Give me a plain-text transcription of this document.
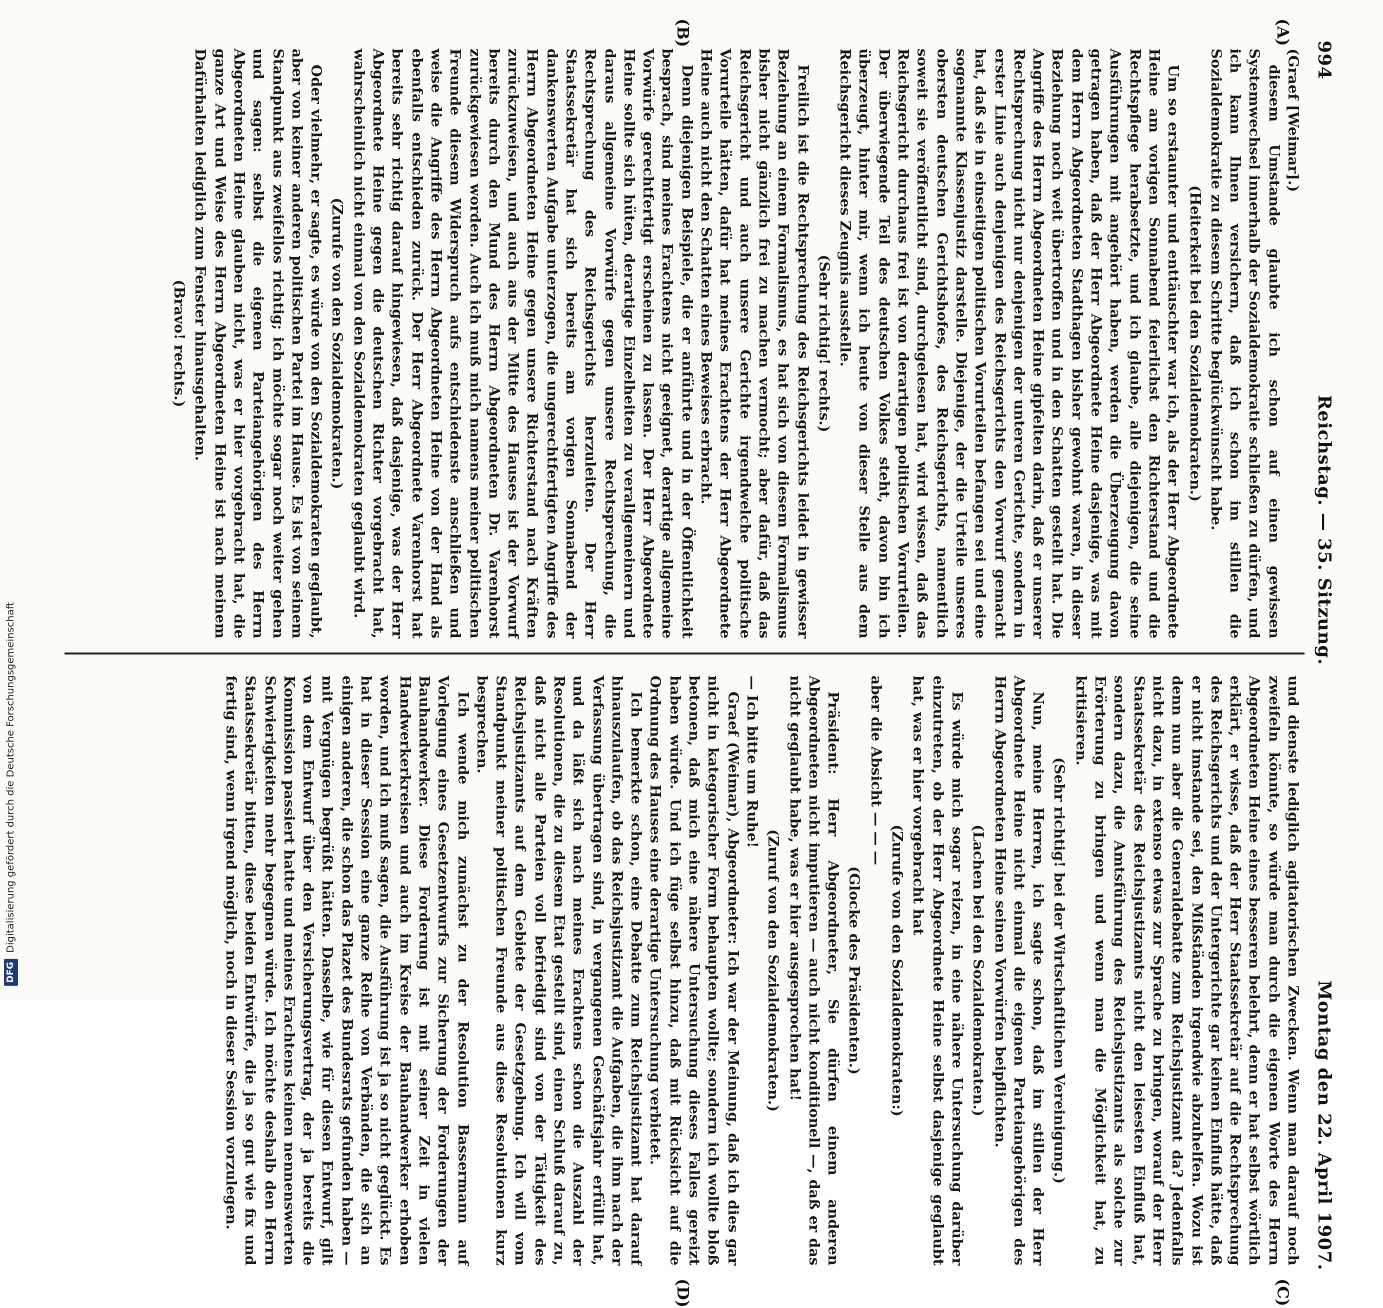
994
Reichstag. — 35. Sitzung.
Montag den 22. April 1907.
(A)
(B)
(C)
(D)

(Graef [Weimar].)

diesem Umstande glaubte ich schon auf einen gewissen Systemwechsel innerhalb der Sozialdemokratie schließen zu dürfen, und ich kann Ihnen versichern, daß ich schon im stillen die Sozialdemokratie zu diesem Schritte beglückwünscht habe.

(Heiterkeit bei den Sozialdemokraten.)

Um so erstaunter und enttäuschter war ich, als der Herr Abgeordnete Heine am vorigen Sonnabend feierlichst den Richterstand und die Rechtspflege herabsetzte, und ich glaube, alle diejenigen, die seine Ausführungen mit angehört haben, werden die Überzeugung davon getragen haben, daß der Herr Abgeordnete Heine dasjenige, was mit dem Herrn Abgeordneten Stadthagen bisher gewohnt waren, in dieser Beziehung noch weit übertroffen und in den Schatten gestellt hat. Die Angriffe des Herrn Abgeordneten Heine gipfelten darin, daß er unserer Rechtsprechung nicht nur denjenigen der unteren Gerichte, sondern in erster Linie auch denjenigen des Reichsgerichts den Vorwurf gemacht hat, daß sie in einseitigen politischen Vorurteilen befangen sei und eine sogenannte Klassenjustiz darstelle. Diejenige, der die Urteile unseres obersten deutschen Gerichtshofes, des Reichsgerichts, namentlich soweit sie veröffentlicht sind, durchgelesen hat, wird wissen, daß das Reichsgericht durchaus frei ist von derartigen politischen Vorurteilen. Der überwiegende Teil des deutschen Volkes steht, davon bin ich überzeugt, hinter mir, wenn ich heute von dieser Stelle aus dem Reichsgericht dieses Zeugnis ausstelle.

(Sehr richtig! rechts.)

Freilich ist die Rechtsprechung des Reichsgerichts leidet in gewisser Beziehung an einem Formalismus, es hat sich von diesem Formalismus bisher nicht gänzlich frei zu machen vermocht; aber dafür, daß das Reichsgericht und auch unsere Gerichte irgendwelche politische Vorurteile hätten, dafür hat meines Erachtens der Herr Abgeordnete Heine auch nicht den Schatten eines Beweises erbracht.

Denn diejenigen Beispiele, die er anführte und in der Öffentlichkeit besprach, sind meines Erachtens nicht geeignet, derartige allgemeine Vorwürfe gerechtfertigt erscheinen zu lassen. Der Herr Abgeordnete Heine sollte sich hüten, derartige Einzelheiten zu verallgemeinern und daraus allgemeine Vorwürfe gegen unsere Rechtsprechung, die Rechtsprechung des Reichsgerichts herzuleiten. Der Herr Staatssekretär hat sich bereits am vorigen Sonnabend der dankenswerten Aufgabe unterzogen, die ungerechtfertigten Angriffe des Herrn Abgeordneten Heine gegen unsere Richterstand nach Kräften zurückzuweisen, und auch aus der Mitte des Hauses ist der Vorwurf bereits durch den Mund des Herrn Abgeordneten Dr. Varenhorst zurückgewiesen worden. Auch ich muß mich namens meiner politischen Freunde diesem Widerspruch aufs entschiedenste anschließen und weise die Angriffe des Herrn Abgeordneten Heine von der Hand als ebenfalls entschieden zurück. Der Herr Abgeordnete Varenhorst hat bereits sehr richtig darauf hingewiesen, daß dasjenige, was der Herr Abgeordnete Heine gegen die deutschen Richter vorgebracht hat, wahrscheinlich nicht einmal von den Sozialdemokraten geglaubt wird.

(Zurufe von den Sozialdemokraten.)

Oder vielmehr, er sagte, es würde von den Sozialdemokraten geglaubt, aber von keiner anderen politischen Partei im Hause. Es ist von seinem Standpunkt aus zweifellos richtig; ich möchte sogar noch weiter gehen und sagen: selbst die eigenen Parteiangehörigen des Herrn Abgeordneten Heine glauben nicht, was er hier vorgebracht hat, die ganze Art und Weise des Herrn Abgeordneten Heine ist nach meinem Dafürhalten lediglich zum Fenster hinausgehalten.

(Bravo! rechts.)

und dienste lediglich agitatorischen Zwecken. Wenn man darauf noch zweifeln könnte, so würde man durch die eigenen Worte des Herrn Abgeordneten Heine eines besseren belehrt, denn er hat selbst wörtlich erklärt, er wisse, daß der Herr Staatssekretär auf die Rechtsprechung des Reichsgerichts und der Untergerichte gar keinen Einfluß hätte, daß er nicht imstande sei, den Mißständen irgendwie abzuhelfen. Wozu ist denn nun aber die Generaldebatte zum Reichsjustizamt da? Jedenfalls nicht dazu, in extenso etwas zur Sprache zu bringen, worauf der Herr Staatssekretär des Reichsjustizamts nicht den leisesten Einfluß hat, sondern dazu, die Amtsführung des Reichsjustizamts als solche zur Erörterung zu bringen und wenn man die Möglichkeit hat, zu kritisieren.

(Sehr richtig! bei der Wirtschaftlichen Vereinigung.)

Nun, meine Herren, ich sagte schon, daß im stillen der Herr Abgeordnete Heine nicht einmal die eigenen Parteiangehörigen des Herrn Abgeordneten Heine seinen Vorwürfen beipflichten.

(Lachen bei den Sozialdemokraten.)

Es würde mich sogar reizen, in eine nähere Untersuchung darüber einzutreten, ob der Herr Abgeordnete Heine selbst dasjenige geglaubt hat, was er hier vorgebracht hat

(Zurufe von den Sozialdemokraten:)

aber die Absicht — — —

(Glocke des Präsidenten.)

Präsident: Herr Abgeordneter, Sie dürfen einem anderen Abgeordneten nicht imputieren — auch nicht konditionell —, daß er das nicht geglaubt habe, was er hier ausgesprochen hat!

(Zuruf von den Sozialdemokraten.)

— Ich bitte um Ruhe!

Graef (Weimar), Abgeordneter: Ich war der Meinung, daß ich dies gar nicht in kategorischer Form behaupten wollte; sondern ich wollte bloß betonen, daß mich eine nähere Untersuchung dieses Falles gereizt haben würde. Und ich füge selbst hinzu, daß mit Rücksicht auf die Ordnung des Hauses eine derartige Untersuchung verbietet.

Ich bemerkte schon, eine Debatte zum Reichsjustizamt hat darauf hinauszulaufen, ob das Reichsjustizamt die Aufgaben, die ihm nach der Verfassung übertragen sind, in vergangenen Geschäftsjahr erfüllt hat, und da läßt sich nach meines Erachtens schon die Auszahl der Resolutionen, die zu diesem Etat gestellt sind, einen Schluß darauf zu, daß nicht alle Parteien voll befriedigt sind von der Tätigkeit des Reichsjustizamts auf dem Gebiete der Gesetzgebung. Ich will vom Standpunkt meiner politischen Freunde aus diese Resolutionen kurz besprechen.

Ich wende mich zunächst zu der Resolution Bassermann auf Vorlegung eines Gesetzentwurfs zur Sicherung der Forderungen der Bauhandwerker. Diese Forderung ist mit seiner Zeit in vielen Handwerkerkreisen und auch im Kreise der Bauhandwerker erhoben worden, und ich muß sagen, die Ausführung ist ja so nicht geglückt. Es hat in dieser Session eine ganze Reihe von Verbänden, die sich an einigen anderen, die schon das Plazet des Bundesrats gefunden haben — mit Vergnügen begrüßt hätten. Dasselbe, wie für diesen Entwurf, gilt von dem Entwurf über den Versicherungsvertrag, der ja bereits die Kommission passiert hatte und meines Erachtens keinen nennenswerten Schwierigkeiten mehr begegnen würde. Ich möchte deshalb den Herrn Staatssekretär bitten, diese beiden Entwürfe, die ja so gut wie fix und fertig sind, wenn irgend möglich, noch in dieser Session vorzulegen.

DFG
Digitalisierung gefördert durch die Deutsche Forschungsgemeinschaft
